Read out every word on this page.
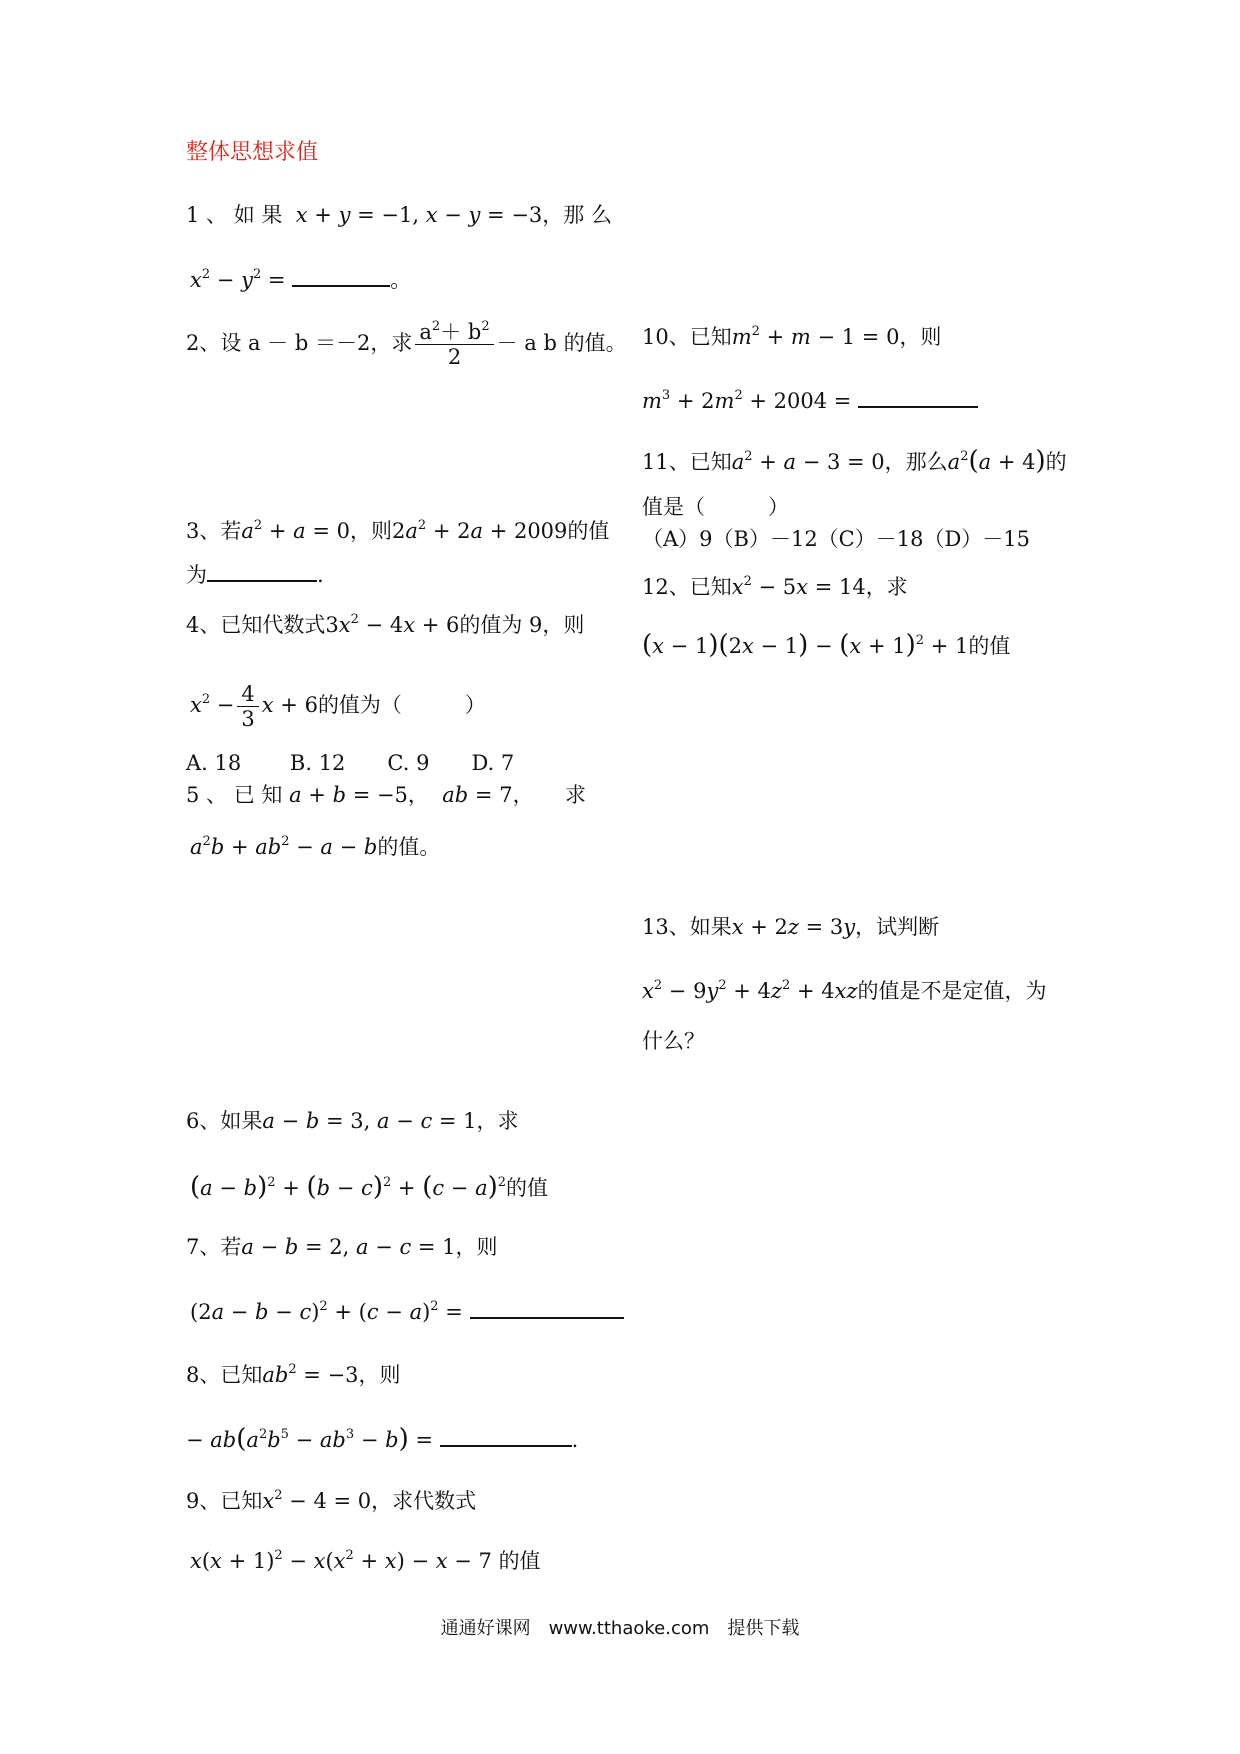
整体思想求值
1 、 如 果 x + y = −1, x − y = −3，那 么
$x^2 - y^2$ =	。
2、设 a － b ＝－2，求 $\frac{a^2+ b^2}{2} - a$ b 的值。
3、若$a^2 + a = 0$，则$2a^2 + 2a + 2009$的值
为	.
4、已知代数式$3x^2 - 4x + 6$的值为 9，则
$x^2 - \frac{4}{3}$ x + 6的值为（　　　）
A. 18　　 B. 12　　C. 9　　D. 7
5 、 已 知 a + b = −5， ab = 7，　　求
$a^2b + ab^2 - a - b$的值。
6、如果a − b = 3, a − c = 1，求
$(a - b)^2 + (b - c)^2 + (c - a)^2$的值
7、若a − b = 2, a − c = 1，则
$(2a - b - c)^2 + (c - a)^2$ =
8、已知$ab^2 = -3$，则
− $ab(a^2b^5 - ab^3 - b)$ =	.
9、已知$x^2 - 4 = 0$，求代数式
$x(x + 1)^2 - x(x^2 + x) - x - 7$ 的值
10、已知$m^2 + m - 1 = 0$，则
$m^3 + 2m^2 + 2004$ =
11、已知$a^2 + a - 3 = 0$，那么$a^2(a + 4)$的
值是（　　　）
（A）9（B）－12（C）－18（D）－15
12、已知$x^2 - 5x = 14$，求
$(x - 1)(2x - 1) - (x + 1)^2 + 1$的值
13、如果x + 2z = 3y，试判断
$x^2 - 9y^2 + 4z^2 + 4xz$的值是不是定值，为
什么？
通通好课网　www.tthaoke.com　提供下载
